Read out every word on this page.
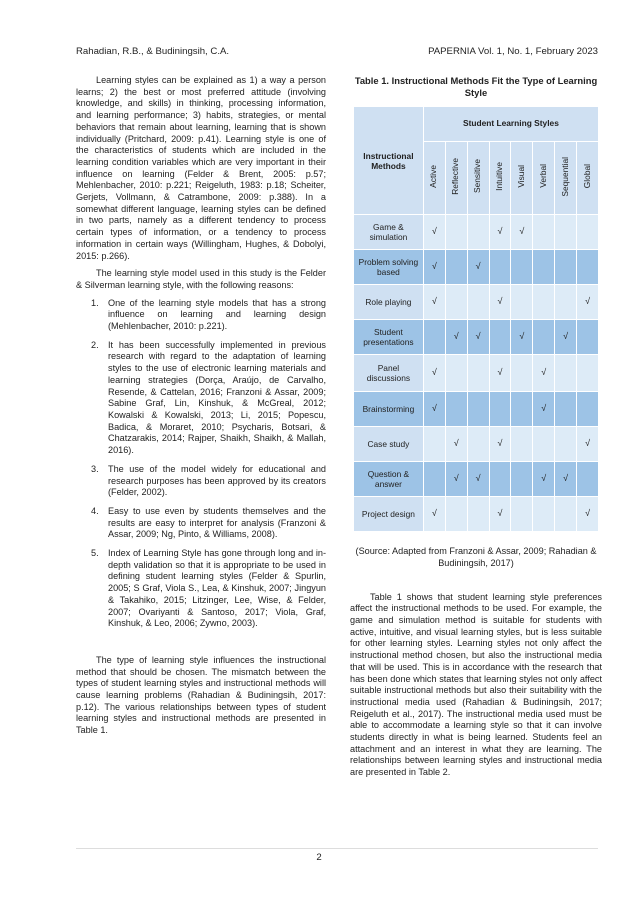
Rahadian, R.B., & Budiningsih, C.A.	PAPERNIA Vol. 1, No. 1, February 2023

Learning styles can be explained as 1) a way a person learns; 2) the best or most preferred attitude (involving knowledge, and skills) in thinking, processing information, and learning performance; 3) habits, strategies, or mental behaviors that remain about learning, learning that is shown individually (Pritchard, 2009: p.41). Learning style is one of the characteristics of students which are included in the learning condition variables which are very important in their influence on learning (Felder & Brent, 2005: p.57; Mehlenbacher, 2010: p.221; Reigeluth, 1983: p.18; Scheiter, Gerjets, Vollmann, & Catrambone, 2009: p.388). In a somewhat different language, learning styles can be defined in two parts, namely as a different tendency to process certain types of information, or a tendency to process information in certain ways (Willingham, Hughes, & Dobolyi, 2015: p.266).

The learning style model used in this study is the Felder & Silverman learning style, with the following reasons:

1. One of the learning style models that has a strong influence on learning and learning design (Mehlenbacher, 2010: p.221).
2. It has been successfully implemented in previous research with regard to the adaptation of learning styles to the use of electronic learning materials and learning strategies (Dorça, Araújo, de Carvalho, Resende, & Cattelan, 2016; Franzoni & Assar, 2009; Sabine Graf, Lin, Kinshuk, & McGreal, 2012; Kowalski & Kowalski, 2013; Li, 2015; Popescu, Badica, & Moraret, 2010; Psycharis, Botsari, & Chatzarakis, 2014; Rajper, Shaikh, Shaikh, & Mallah, 2016).
3. The use of the model widely for educational and research purposes has been approved by its creators (Felder, 2002).
4. Easy to use even by students themselves and the results are easy to interpret for analysis (Franzoni & Assar, 2009; Ng, Pinto, & Williams, 2008).
5. Index of Learning Style has gone through long and in-depth validation so that it is appropriate to be used in defining student learning styles (Felder & Spurlin, 2005; S Graf, Viola S., Lea, & Kinshuk, 2007; Jingyun & Takahiko, 2015; Litzinger, Lee, Wise, & Felder, 2007; Ovariyanti & Santoso, 2017; Viola, Graf, Kinshuk, & Leo, 2006; Zywno, 2003).

The type of learning style influences the instructional method that should be chosen. The mismatch between the types of student learning styles and instructional methods will cause learning problems (Rahadian & Budiningsih, 2017: p.12). The various relationships between types of student learning styles and instructional methods are presented in Table 1.

Table 1. Instructional Methods Fit the Type of Learning Style
Instructional Methods	Student Learning Styles							
	Active	Reflective	Sensitive	Intuitive	Visual	Verbal	Sequential	Global
Game & simulation	√			√	√			
Problem solving based	√		√					
Role playing	√			√				√
Student presentations		√	√		√		√	
Panel discussions	√			√		√		
Brainstorming	√					√		
Case study		√		√				√
Question & answer		√	√			√	√	
Project design	√			√				√
(Source: Adapted from Franzoni & Assar, 2009; Rahadian & Budiningsih, 2017)

Table 1 shows that student learning style preferences affect the instructional methods to be used. For example, the game and simulation method is suitable for students with active, intuitive, and visual learning styles, but is less suitable for other learning styles. Learning styles not only affect the instructional method chosen, but also the instructional media that will be used. This is in accordance with the research that has been done which states that learning styles not only affect suitable instructional methods but also their suitability with the instructional media used (Rahadian & Budiningsih, 2017; Reigeluth et al., 2017). The instructional media used must be able to accommodate a learning style so that it can involve students directly in what is being learned. Students feel an attachment and an interest in what they are learning. The relationships between learning styles and instructional media are presented in Table 2.

2
